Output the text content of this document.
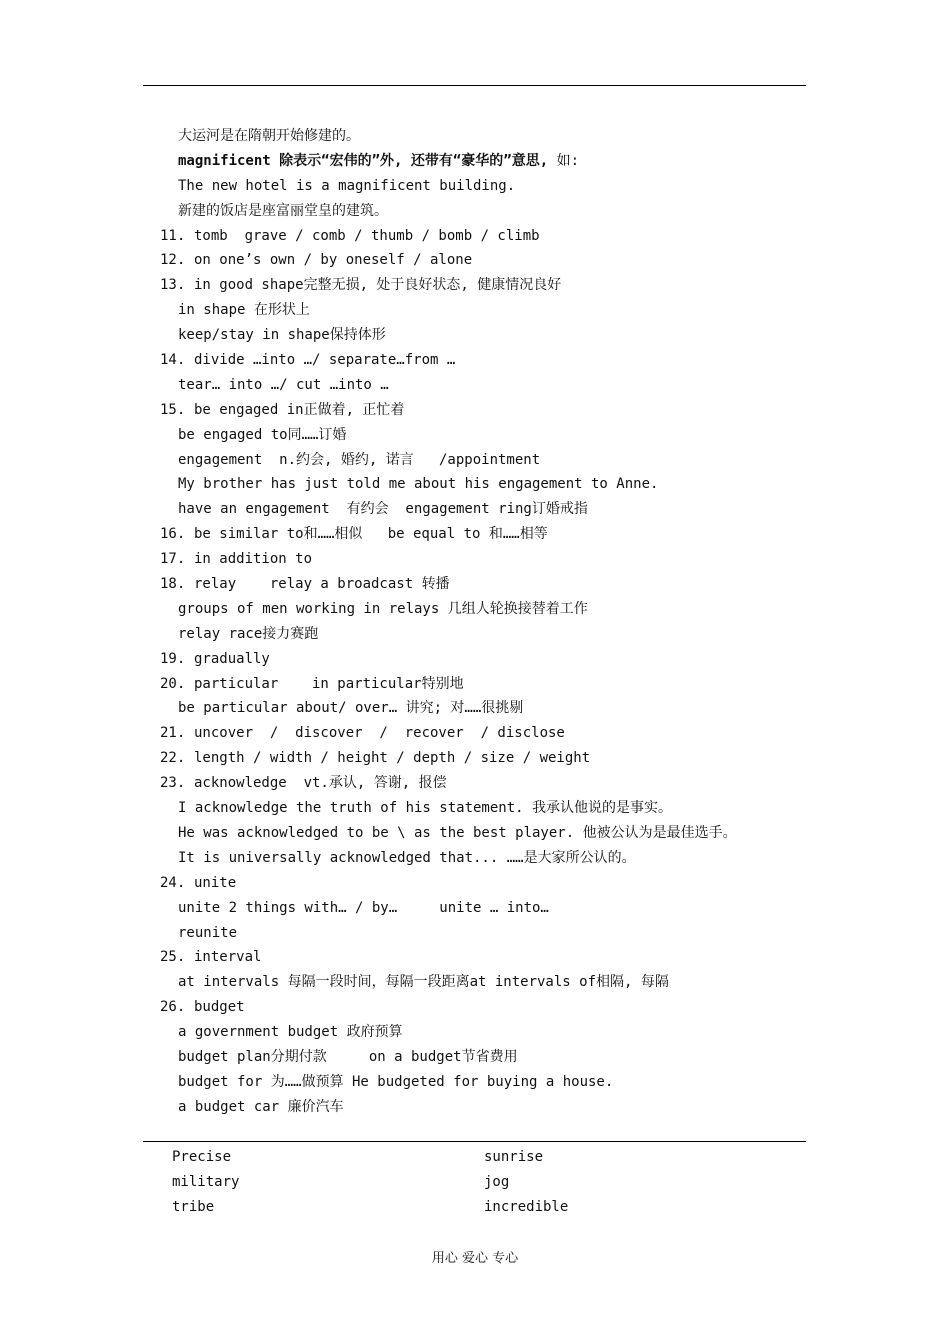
大运河是在隋朝开始修建的。
magnificent 除表示“宏伟的”外, 还带有“豪华的”意思, 如:
The new hotel is a magnificent building.
新建的饭店是座富丽堂皇的建筑。
11. tomb  grave / comb / thumb / bomb / climb
12. on one’s own / by oneself / alone
13. in good shape完整无损, 处于良好状态, 健康情况良好
in shape 在形状上
keep/stay in shape保持体形
14. divide …into …/ separate…from …
tear… into …/ cut …into …
15. be engaged in正做着, 正忙着
be engaged to同……订婚
engagement  n.约会, 婚约, 诺言   /appointment
My brother has just told me about his engagement to Anne.
have an engagement  有约会  engagement ring订婚戒指
16. be similar to和……相似   be equal to 和……相等
17. in addition to
18. relay    relay a broadcast 转播
groups of men working in relays 几组人轮换接替着工作
relay race接力赛跑
19. gradually
20. particular    in particular特别地
be particular about/ over… 讲究; 对……很挑剔
21. uncover  /  discover  /  recover  / disclose
22. length / width / height / depth / size / weight
23. acknowledge  vt.承认, 答谢, 报偿
I acknowledge the truth of his statement. 我承认他说的是事实。
He was acknowledged to be \ as the best player. 他被公认为是最佳选手。
It is universally acknowledged that... ……是大家所公认的。
24. unite
unite 2 things with… / by…     unite … into…
reunite
25. interval
at intervals 每隔一段时间，每隔一段距离at intervals of相隔, 每隔
26. budget
a government budget 政府预算
budget plan分期付款     on a budget节省费用
budget for 为……做预算 He budgeted for buying a house.
a budget car 廉价汽车
Precise	sunrise
military	jog
tribe	incredible
用心 爱心 专心
